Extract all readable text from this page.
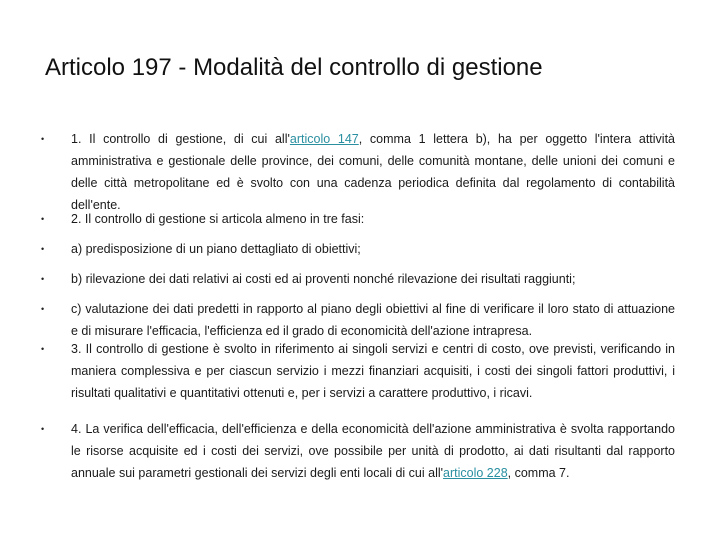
Articolo 197 - Modalità del controllo di gestione
• 1. Il controllo di gestione, di cui all'articolo 147, comma 1 lettera b), ha per oggetto l'intera attività amministrativa e gestionale delle province, dei comuni, delle comunità montane, delle unioni dei comuni e delle città metropolitane ed è svolto con una cadenza periodica definita dal regolamento di contabilità dell'ente.
• 2. Il controllo di gestione si articola almeno in tre fasi:
• a) predisposizione di un piano dettagliato di obiettivi;
• b) rilevazione dei dati relativi ai costi ed ai proventi nonché rilevazione dei risultati raggiunti;
• c) valutazione dei dati predetti in rapporto al piano degli obiettivi al fine di verificare il loro stato di attuazione e di misurare l'efficacia, l'efficienza ed il grado di economicità dell'azione intrapresa.
• 3. Il controllo di gestione è svolto in riferimento ai singoli servizi e centri di costo, ove previsti, verificando in maniera complessiva e per ciascun servizio i mezzi finanziari acquisiti, i costi dei singoli fattori produttivi, i risultati qualitativi e quantitativi ottenuti e, per i servizi a carattere produttivo, i ricavi.
• 4. La verifica dell'efficacia, dell'efficienza e della economicità dell'azione amministrativa è svolta rapportando le risorse acquisite ed i costi dei servizi, ove possibile per unità di prodotto, ai dati risultanti dal rapporto annuale sui parametri gestionali dei servizi degli enti locali di cui all'articolo 228, comma 7.
